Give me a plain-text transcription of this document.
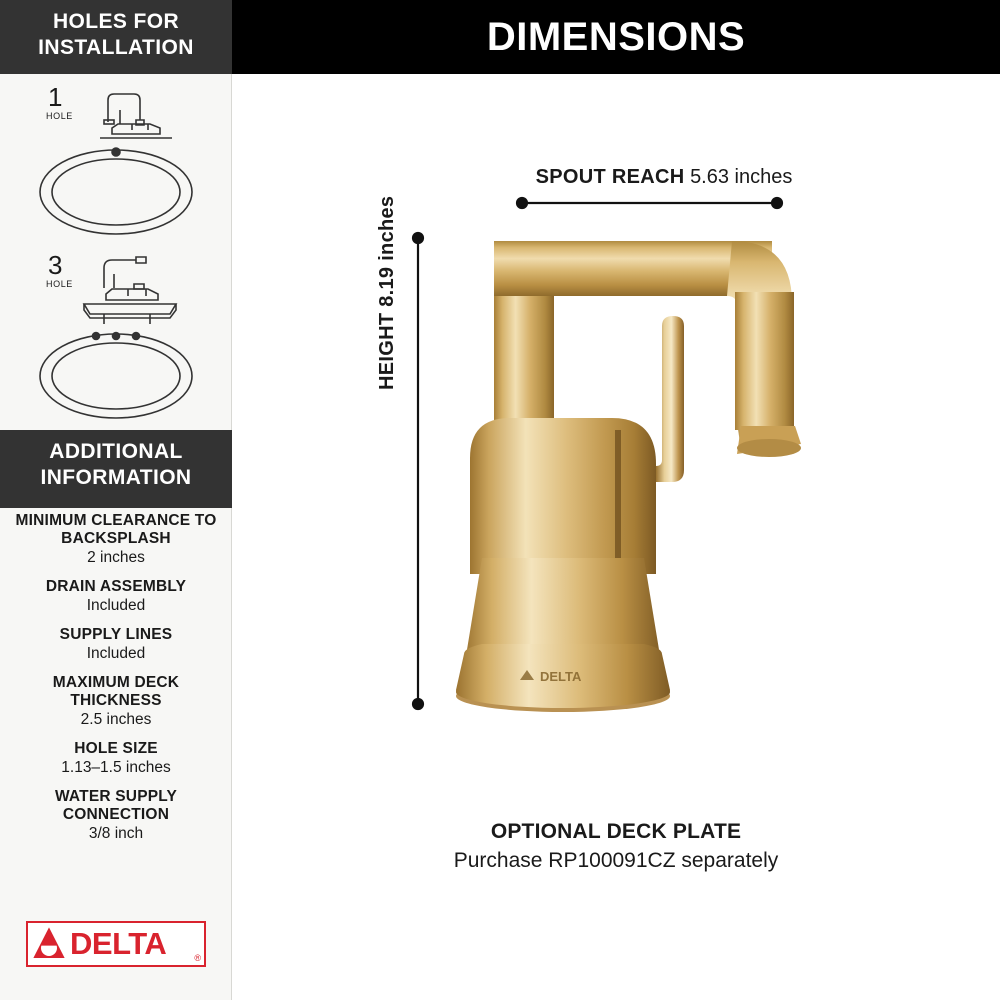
HOLES FOR
INSTALLATION
1
HOLE
3
HOLE
ADDITIONAL
INFORMATION
MINIMUM CLEARANCE TO BACKSPLASH
2 inches
DRAIN ASSEMBLY
Included
SUPPLY LINES
Included
MAXIMUM DECK THICKNESS
2.5 inches
HOLE SIZE
1.13–1.5 inches
WATER SUPPLY CONNECTION
3/8 inch
DELTA	®
DIMENSIONS
SPOUT REACH 5.63 inches
HEIGHT 8.19 inches
DELTA
OPTIONAL DECK PLATE
Purchase RP100091CZ separately
